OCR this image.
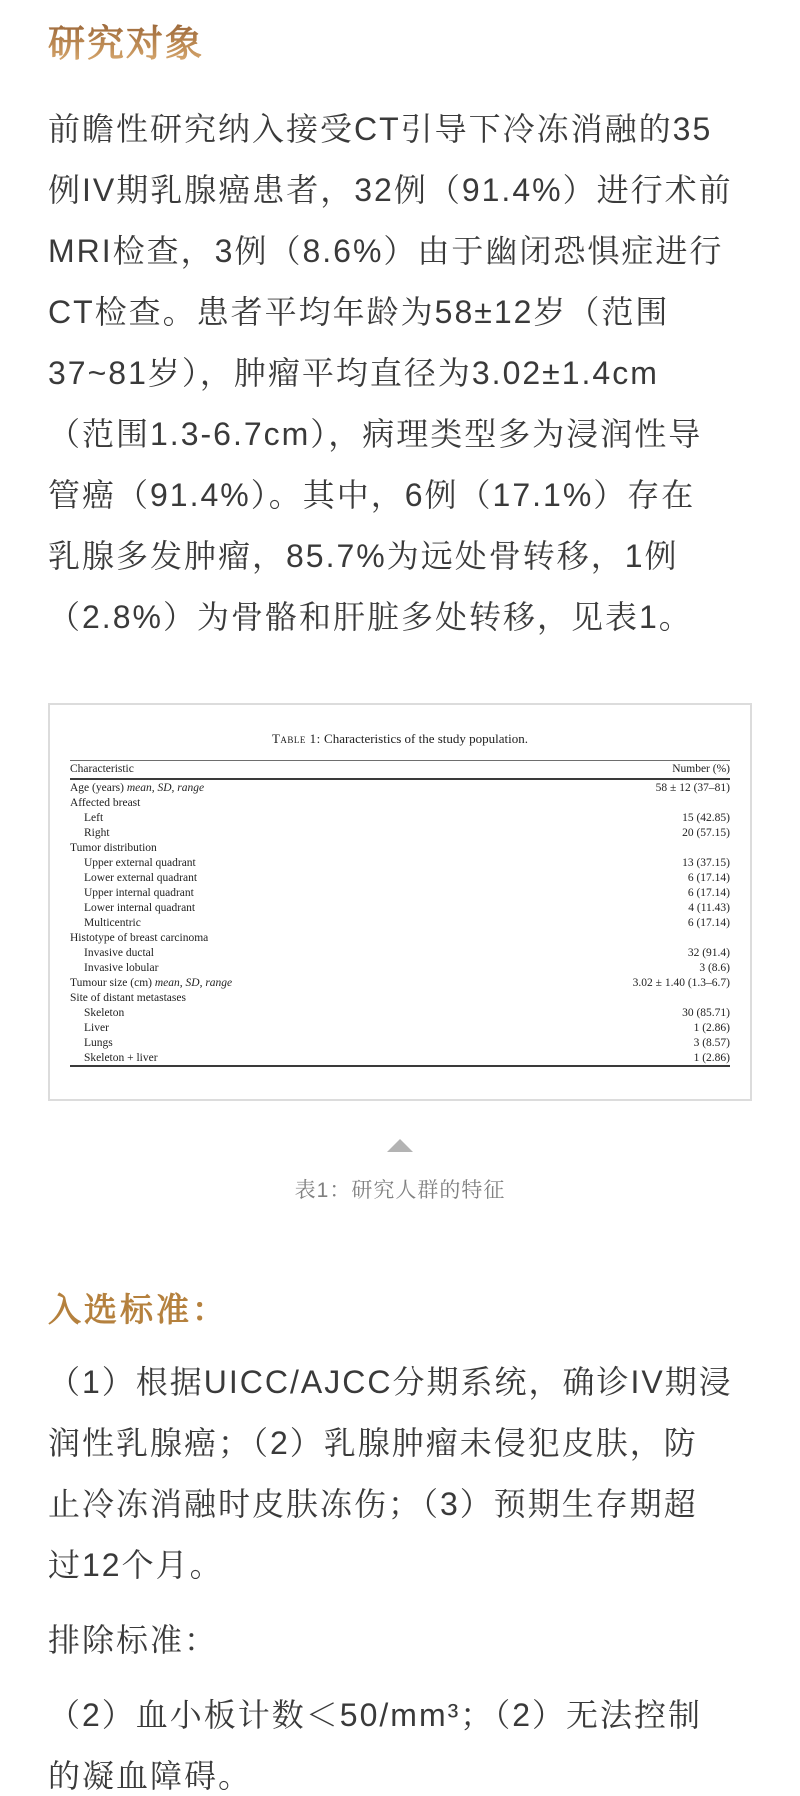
研究对象
前瞻性研究纳入接受CT引导下冷冻消融的35
例IV期乳腺癌患者，32例（91.4%）进行术前
MRI检查，3例（8.6%）由于幽闭恐惧症进行
CT检查。患者平均年龄为58±12岁（范围
37~81岁），肿瘤平均直径为3.02±1.4cm
（范围1.3-6.7cm），病理类型多为浸润性导
管癌（91.4%）。其中，6例（17.1%）存在
乳腺多发肿瘤，85.7%为远处骨转移，1例
（2.8%）为骨骼和肝脏多处转移，见表1。
Table 1: Characteristics of the study population.
Characteristic	Number (%)
Age (years) mean, SD, range	58 ± 12 (37–81)
Affected breast	
Left	15 (42.85)
Right	20 (57.15)
Tumor distribution	
Upper external quadrant	13 (37.15)
Lower external quadrant	6 (17.14)
Upper internal quadrant	6 (17.14)
Lower internal quadrant	4 (11.43)
Multicentric	6 (17.14)
Histotype of breast carcinoma	
Invasive ductal	32 (91.4)
Invasive lobular	3 (8.6)
Tumour size (cm) mean, SD, range	3.02 ± 1.40 (1.3–6.7)
Site of distant metastases	
Skeleton	30 (85.71)
Liver	1 (2.86)
Lungs	3 (8.57)
Skeleton + liver	1 (2.86)
表1：研究人群的特征
入选标准：
（1）根据UICC/AJCC分期系统，确诊IV期浸
润性乳腺癌；（2）乳腺肿瘤未侵犯皮肤，防
止冷冻消融时皮肤冻伤；（3）预期生存期超
过12个月。
排除标准：
（2）血小板计数＜50/mm³；（2）无法控制
的凝血障碍。
